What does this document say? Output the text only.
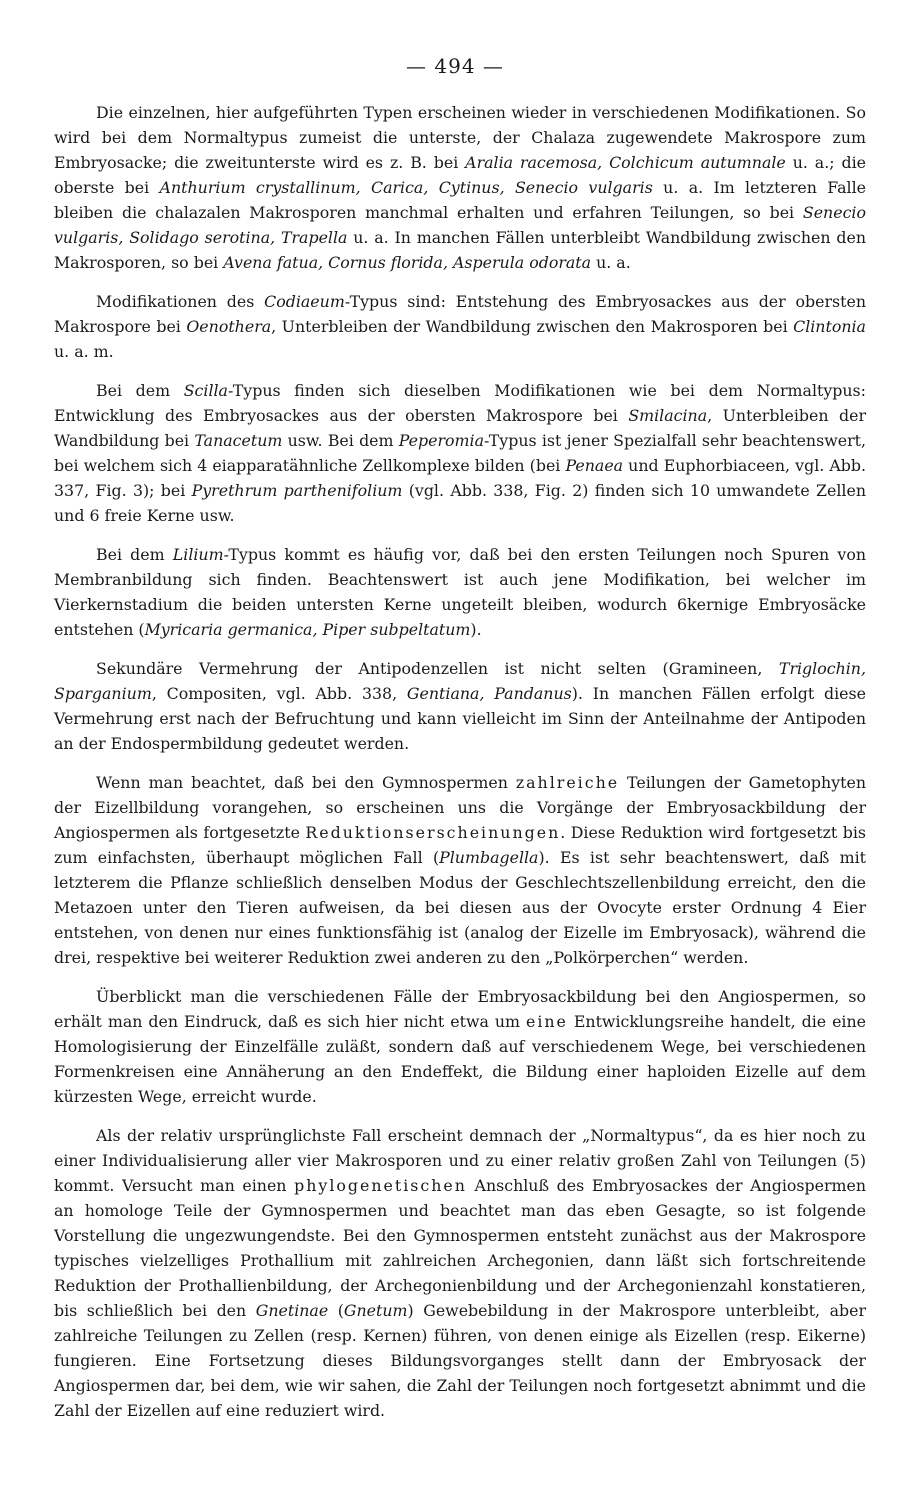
— 494 —

Die einzelnen, hier aufgeführten Typen erscheinen wieder in verschiedenen Modifikationen. So wird bei dem Normaltypus zumeist die unterste, der Chalaza zugewendete Makrospore zum Embryosacke; die zweitunterste wird es z. B. bei Aralia racemosa, Colchicum autumnale u. a.; die oberste bei Anthurium crystallinum, Carica, Cytinus, Senecio vulgaris u. a. Im letzteren Falle bleiben die chalazalen Makrosporen manchmal erhalten und erfahren Teilungen, so bei Senecio vulgaris, Solidago serotina, Trapella u. a. In manchen Fällen unterbleibt Wandbildung zwischen den Makrosporen, so bei Avena fatua, Cornus florida, Asperula odorata u. a.

Modifikationen des Codiaeum-Typus sind: Entstehung des Embryosackes aus der obersten Makrospore bei Oenothera, Unterbleiben der Wandbildung zwischen den Makrosporen bei Clintonia u. a. m.

Bei dem Scilla-Typus finden sich dieselben Modifikationen wie bei dem Normaltypus: Entwicklung des Embryosackes aus der obersten Makrospore bei Smilacina, Unterbleiben der Wandbildung bei Tanacetum usw. Bei dem Peperomia-Typus ist jener Spezialfall sehr beachtenswert, bei welchem sich 4 eiapparatähnliche Zellkomplexe bilden (bei Penaea und Euphorbiaceen, vgl. Abb. 337, Fig. 3); bei Pyrethrum parthenifolium (vgl. Abb. 338, Fig. 2) finden sich 10 umwandete Zellen und 6 freie Kerne usw.

Bei dem Lilium-Typus kommt es häufig vor, daß bei den ersten Teilungen noch Spuren von Membranbildung sich finden. Beachtenswert ist auch jene Modifikation, bei welcher im Vierkernstadium die beiden untersten Kerne ungeteilt bleiben, wodurch 6kernige Embryosäcke entstehen (Myricaria germanica, Piper subpeltatum).

Sekundäre Vermehrung der Antipodenzellen ist nicht selten (Gramineen, Triglochin, Sparganium, Compositen, vgl. Abb. 338, Gentiana, Pandanus). In manchen Fällen erfolgt diese Vermehrung erst nach der Befruchtung und kann vielleicht im Sinn der Anteilnahme der Antipoden an der Endospermbildung gedeutet werden.

Wenn man beachtet, daß bei den Gymnospermen zahlreiche Teilungen der Gametophyten der Eizellbildung vorangehen, so erscheinen uns die Vorgänge der Embryosackbildung der Angiospermen als fortgesetzte Reduktionserscheinungen. Diese Reduktion wird fortgesetzt bis zum einfachsten, überhaupt möglichen Fall (Plumbagella). Es ist sehr beachtenswert, daß mit letzterem die Pflanze schließlich denselben Modus der Geschlechtszellenbildung erreicht, den die Metazoen unter den Tieren aufweisen, da bei diesen aus der Ovocyte erster Ordnung 4 Eier entstehen, von denen nur eines funktionsfähig ist (analog der Eizelle im Embryosack), während die drei, respektive bei weiterer Reduktion zwei anderen zu den „Polkörperchen“ werden.

Überblickt man die verschiedenen Fälle der Embryosackbildung bei den Angiospermen, so erhält man den Eindruck, daß es sich hier nicht etwa um eine Entwicklungsreihe handelt, die eine Homologisierung der Einzelfälle zuläßt, sondern daß auf verschiedenem Wege, bei verschiedenen Formenkreisen eine Annäherung an den Endeffekt, die Bildung einer haploiden Eizelle auf dem kürzesten Wege, erreicht wurde.

Als der relativ ursprünglichste Fall erscheint demnach der „Normaltypus“, da es hier noch zu einer Individualisierung aller vier Makrosporen und zu einer relativ großen Zahl von Teilungen (5) kommt. Versucht man einen phylogenetischen Anschluß des Embryosackes der Angiospermen an homologe Teile der Gymnospermen und beachtet man das eben Gesagte, so ist folgende Vorstellung die ungezwungendste. Bei den Gymnospermen entsteht zunächst aus der Makrospore typisches vielzelliges Prothallium mit zahlreichen Archegonien, dann läßt sich fortschreitende Reduktion der Prothallienbildung, der Archegonienbildung und der Archegonienzahl konstatieren, bis schließlich bei den Gnetinae (Gnetum) Gewebebildung in der Makrospore unterbleibt, aber zahlreiche Teilungen zu Zellen (resp. Kernen) führen, von denen einige als Eizellen (resp. Eikerne) fungieren. Eine Fortsetzung dieses Bildungsvorganges stellt dann der Embryosack der Angiospermen dar, bei dem, wie wir sahen, die Zahl der Teilungen noch fortgesetzt abnimmt und die Zahl der Eizellen auf eine reduziert wird.
